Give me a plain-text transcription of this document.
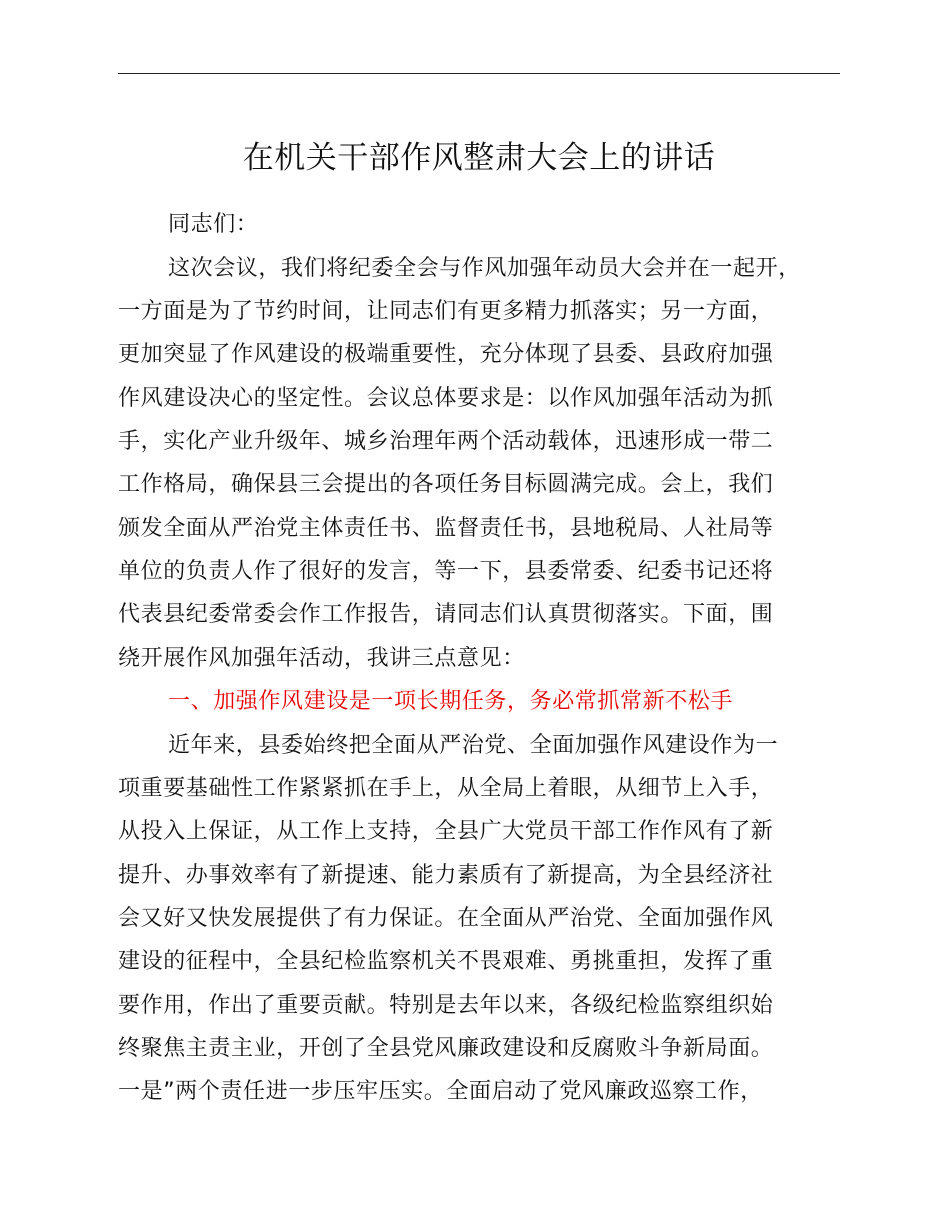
在机关干部作风整肃大会上的讲话
同志们：
这次会议，我们将纪委全会与作风加强年动员大会并在一起开，
一方面是为了节约时间，让同志们有更多精力抓落实；另一方面，
更加突显了作风建设的极端重要性，充分体现了县委、县政府加强
作风建设决心的坚定性。会议总体要求是：以作风加强年活动为抓
手，实化产业升级年、城乡治理年两个活动载体，迅速形成一带二
工作格局，确保县三会提出的各项任务目标圆满完成。会上，我们
颁发全面从严治党主体责任书、监督责任书，县地税局、人社局等
单位的负责人作了很好的发言，等一下，县委常委、纪委书记还将
代表县纪委常委会作工作报告，请同志们认真贯彻落实。下面，围
绕开展作风加强年活动，我讲三点意见：
一、加强作风建设是一项长期任务，务必常抓常新不松手
近年来，县委始终把全面从严治党、全面加强作风建设作为一
项重要基础性工作紧紧抓在手上，从全局上着眼，从细节上入手，
从投入上保证，从工作上支持，全县广大党员干部工作作风有了新
提升、办事效率有了新提速、能力素质有了新提高，为全县经济社
会又好又快发展提供了有力保证。在全面从严治党、全面加强作风
建设的征程中，全县纪检监察机关不畏艰难、勇挑重担，发挥了重
要作用，作出了重要贡献。特别是去年以来，各级纪检监察组织始
终聚焦主责主业，开创了全县党风廉政建设和反腐败斗争新局面。
一是”两个责任进一步压牢压实。全面启动了党风廉政巡察工作，
